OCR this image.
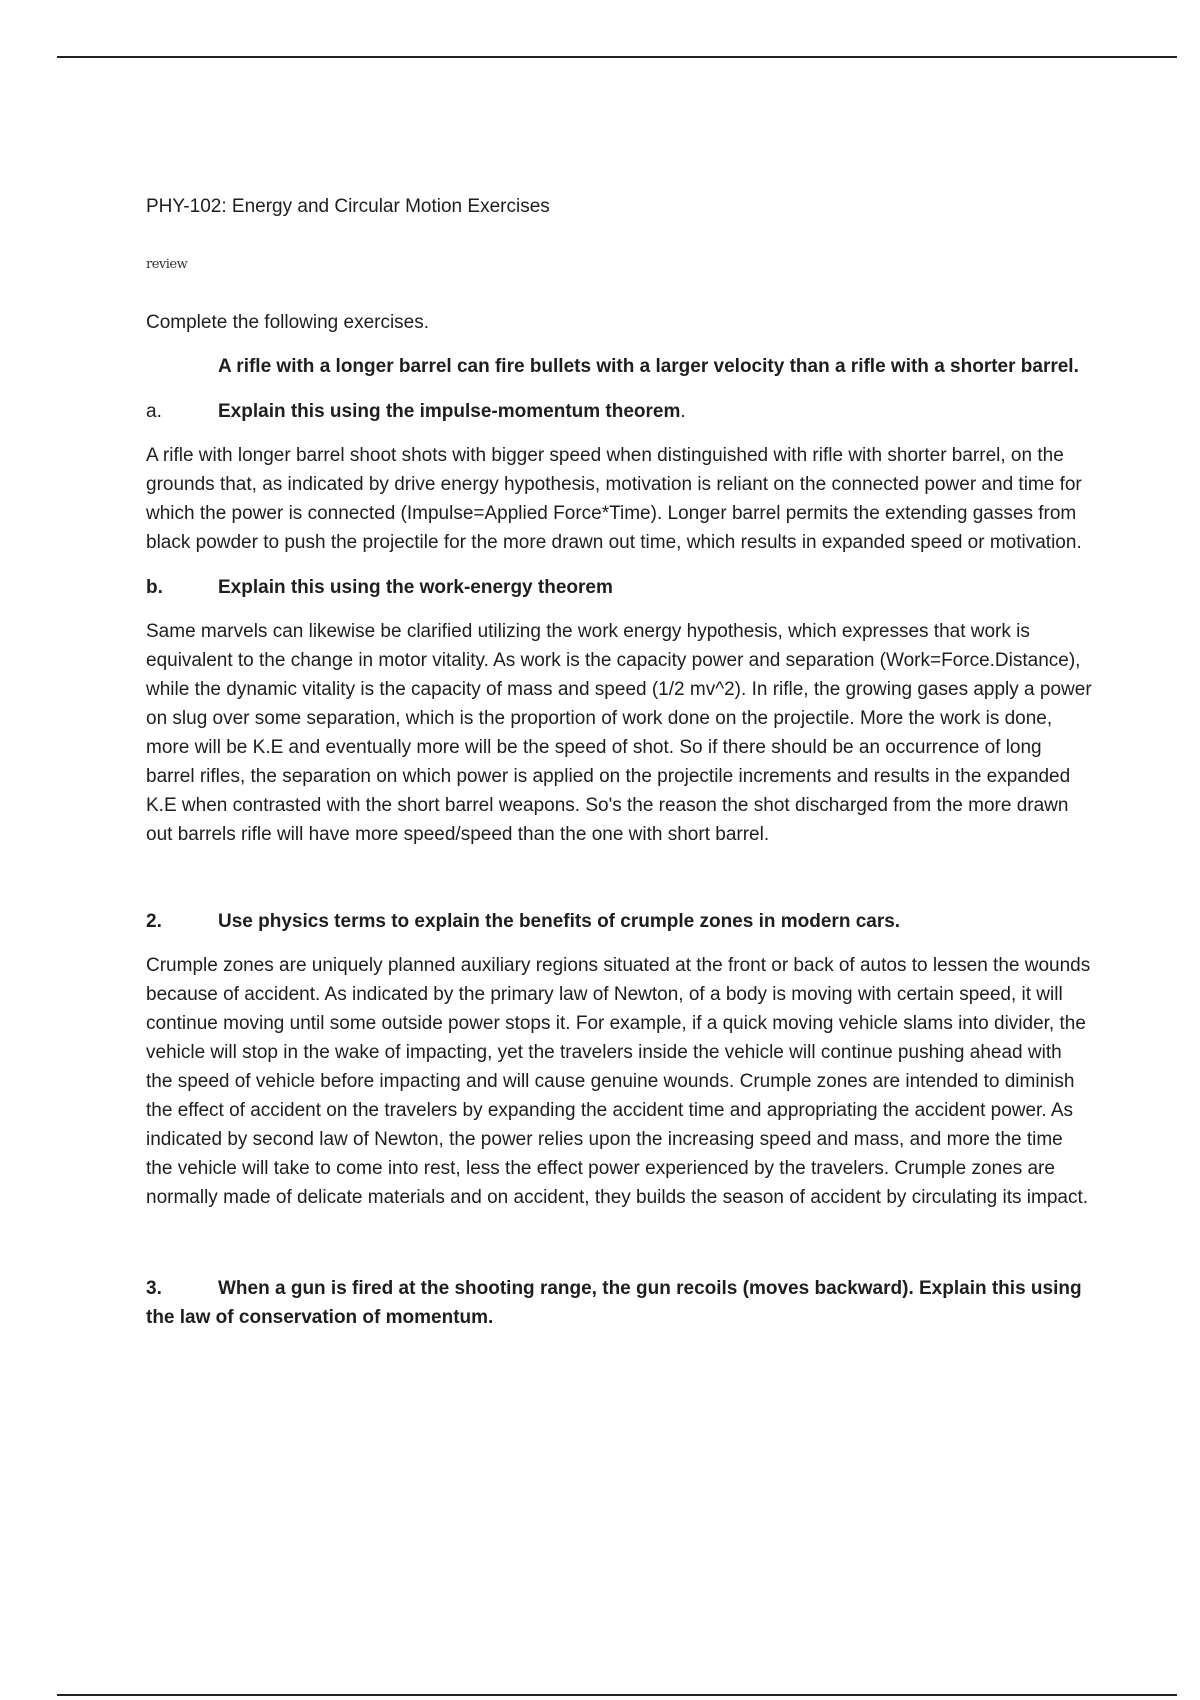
PHY-102: Energy and Circular Motion Exercises

review

Complete the following exercises.

A rifle with a longer barrel can fire bullets with a larger velocity than a rifle with a shorter barrel.

a.	Explain this using the impulse-momentum theorem.

A rifle with longer barrel shoot shots with bigger speed when distinguished with rifle with shorter barrel, on the grounds that, as indicated by drive energy hypothesis, motivation is reliant on the connected power and time for which the power is connected (Impulse=Applied Force*Time). Longer barrel permits the extending gasses from black powder to push the projectile for the more drawn out time, which results in expanded speed or motivation.

b.	Explain this using the work-energy theorem

Same marvels can likewise be clarified utilizing the work energy hypothesis, which expresses that work is equivalent to the change in motor vitality. As work is the capacity power and separation (Work=Force.Distance), while the dynamic vitality is the capacity of mass and speed (1/2 mv^2). In rifle, the growing gases apply a power on slug over some separation, which is the proportion of work done on the projectile. More the work is done, more will be K.E and eventually more will be the speed of shot. So if there should be an occurrence of long barrel rifles, the separation on which power is applied on the projectile increments and results in the expanded K.E when contrasted with the short barrel weapons. So's the reason the shot discharged from the more drawn out barrels rifle will have more speed/speed than the one with short barrel.

2.	Use physics terms to explain the benefits of crumple zones in modern cars.

Crumple zones are uniquely planned auxiliary regions situated at the front or back of autos to lessen the wounds because of accident. As indicated by the primary law of Newton, of a body is moving with certain speed, it will continue moving until some outside power stops it. For example, if a quick moving vehicle slams into divider, the vehicle will stop in the wake of impacting, yet the travelers inside the vehicle will continue pushing ahead with the speed of vehicle before impacting and will cause genuine wounds. Crumple zones are intended to diminish the effect of accident on the travelers by expanding the accident time and appropriating the accident power. As indicated by second law of Newton, the power relies upon the increasing speed and mass, and more the time the vehicle will take to come into rest, less the effect power experienced by the travelers. Crumple zones are normally made of delicate materials and on accident, they builds the season of accident by circulating its impact.

3.	When a gun is fired at the shooting range, the gun recoils (moves backward). Explain this using the law of conservation of momentum.
